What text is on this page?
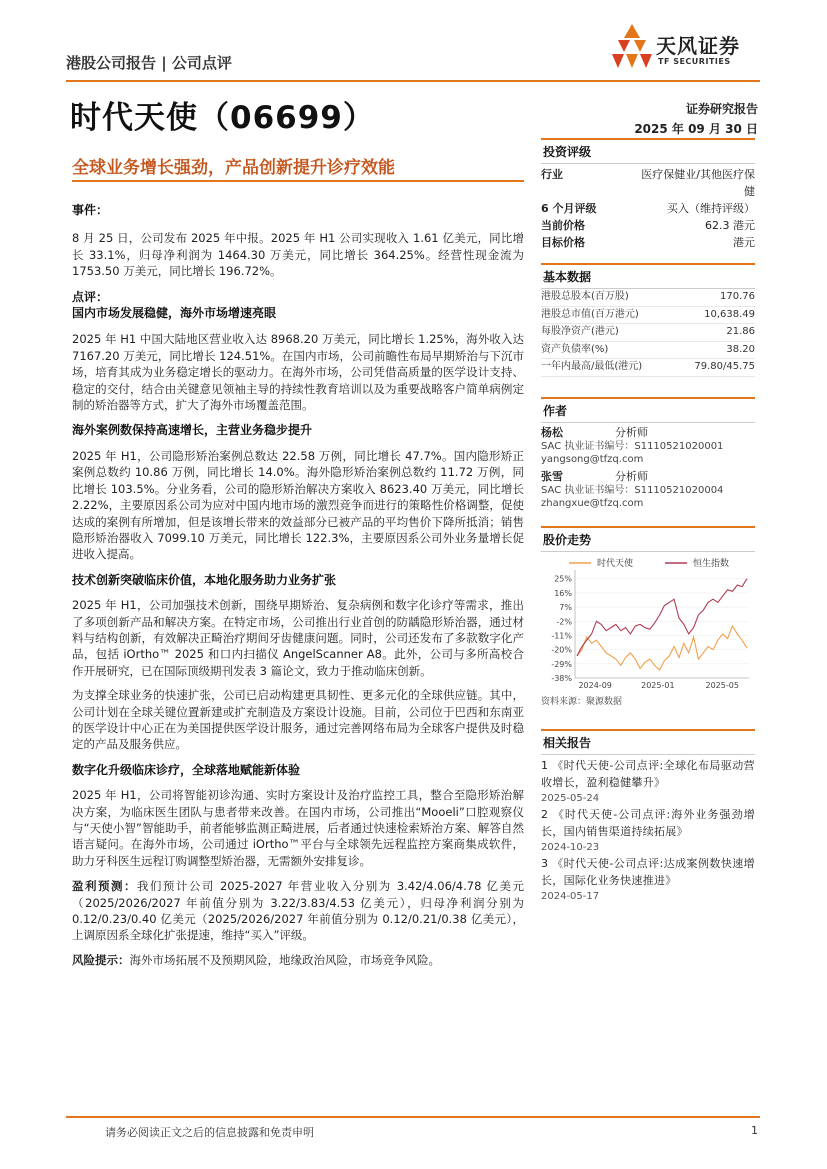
港股公司报告 | 公司点评
天风证券
TF SECURITIES
时代天使（06699）	证券研究报告
2025 年 09 月 30 日
全球业务增长强劲，产品创新提升诊疗效能
事件：

8 月 25 日，公司发布 2025 年中报。2025 年 H1 公司实现收入 1.61 亿美元，同比增长 33.1%，归母净利润为 1464.30 万美元，同比增长 364.25%。经营性现金流为 1753.50 万美元，同比增长 196.72%。

点评：
国内市场发展稳健，海外市场增速亮眼

2025 年 H1 中国大陆地区营业收入达 8968.20 万美元，同比增长 1.25%，海外收入达 7167.20 万美元，同比增长 124.51%。在国内市场，公司前瞻性布局早期矫治与下沉市场，培育其成为业务稳定增长的驱动力。在海外市场，公司凭借高质量的医学设计支持、稳定的交付，结合由关键意见领袖主导的持续性教育培训以及为重要战略客户简单病例定制的矫治器等方式，扩大了海外市场覆盖范围。

海外案例数保持高速增长，主营业务稳步提升

2025 年 H1，公司隐形矫治案例总数达 22.58 万例，同比增长 47.7%。国内隐形矫正案例总数约 10.86 万例，同比增长 14.0%。海外隐形矫治案例总数约 11.72 万例，同比增长 103.5%。分业务看，公司的隐形矫治解决方案收入 8623.40 万美元，同比增长 2.22%，主要原因系公司为应对中国内地市场的激烈竞争而进行的策略性价格调整，促使达成的案例有所增加，但是该增长带来的效益部分已被产品的平均售价下降所抵消；销售隐形矫治器收入 7099.10 万美元，同比增长 122.3%，主要原因系公司外业务量增长促进收入提高。

技术创新突破临床价值，本地化服务助力业务扩张

2025 年 H1，公司加强技术创新，围绕早期矫治、复杂病例和数字化诊疗等需求，推出了多项创新产品和解决方案。在特定市场，公司推出行业首创的防龋隐形矫治器，通过材料与结构创新，有效解决正畸治疗期间牙齿健康问题。同时，公司还发布了多款数字化产品，包括 iOrtho™ 2025 和口内扫描仪 AngelScanner A8。此外，公司与多所高校合作开展研究，已在国际顶级期刊发表 3 篇论文，致力于推动临床创新。

为支撑全球业务的快速扩张，公司已启动构建更具韧性、更多元化的全球供应链。其中，公司计划在全球关键位置新建或扩充制造及方案设计设施。目前，公司位于巴西和东南亚的医学设计中心正在为美国提供医学设计服务，通过完善网络布局为全球客户提供及时稳定的产品及服务供应。

数字化升级临床诊疗，全球落地赋能新体验

2025 年 H1，公司将智能初诊沟通、实时方案设计及治疗监控工具，整合至隐形矫治解决方案，为临床医生团队与患者带来改善。在国内市场，公司推出“Mooeli”口腔观察仪与“天使小智”智能助手，前者能够监测正畸进展，后者通过快速检索矫治方案、解答自然语言疑问。在海外市场，公司通过 iOrtho™平台与全球领先远程监控方案商集成软件，助力牙科医生远程订购调整型矫治器，无需额外安排复诊。

盈利预测：我们预计公司 2025-2027 年营业收入分别为 3.42/4.06/4.78 亿美元（2025/2026/2027 年前值分别为 3.22/3.83/4.53 亿美元），归母净利润分别为 0.12/0.23/0.40 亿美元（2025/2026/2027 年前值分别为 0.12/0.21/0.38 亿美元），上调原因系全球化扩张提速，维持“买入”评级。

风险提示：海外市场拓展不及预期风险，地缘政治风险，市场竞争风险。

投资评级
行业	医疗保健业/其他医疗保健
6 个月评级	买入（维持评级）
当前价格	62.3 港元
目标价格	港元
基本数据
港股总股本(百万股)	170.76
港股总市值(百万港元)	10,638.49
每股净资产(港元)	21.86
资产负债率(%)	38.20
一年内最高/最低(港元)	79.80/45.75
作者
杨松	分析师
SAC 执业证书编号：S1110521020001
yangsong@tfzq.com
张雪	分析师
SAC 执业证书编号：S1110521020004
zhangxue@tfzq.com
股价走势
时代天使	恒生指数
25%
16%
7%
-2%
-11%
-20%
-29%
-38%
2024-09	2025-01	2025-05
资料来源：聚源数据
相关报告
1 《时代天使-公司点评:全球化布局驱动营收增长，盈利稳健攀升》
2025-05-24
2 《时代天使-公司点评:海外业务强劲增长，国内销售渠道持续拓展》
2024-10-23
3 《时代天使-公司点评:达成案例数快速增长，国际化业务快速推进》
2024-05-17
请务必阅读正文之后的信息披露和免责申明	1
